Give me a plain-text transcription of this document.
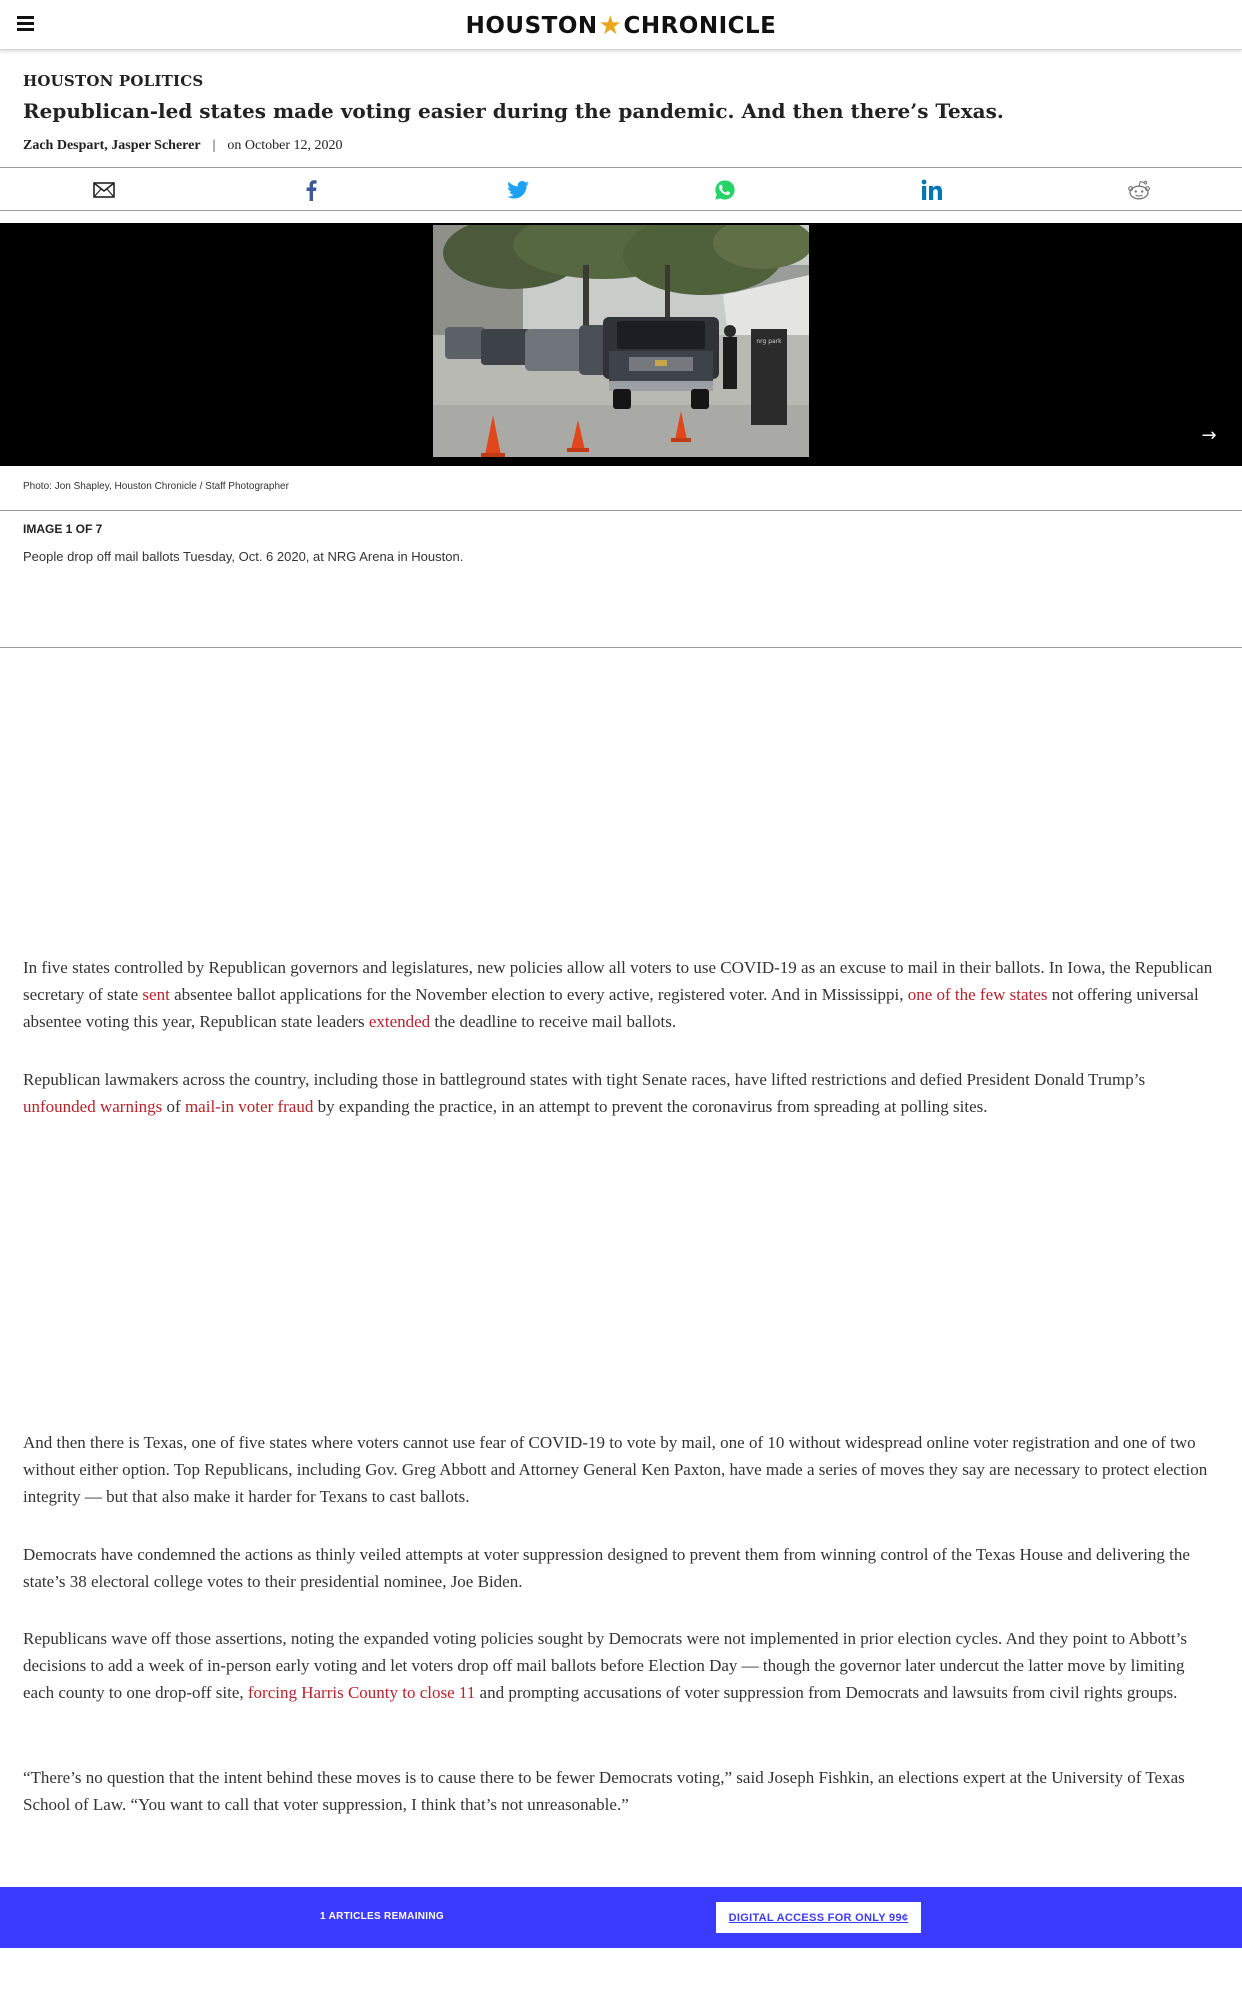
HOUSTON★CHRONICLE
HOUSTON POLITICS
Republican-led states made voting easier during the pandemic. And then there’s Texas.
Zach Despart, Jasper Scherer | on October 12, 2020
nrg park
→
Photo: Jon Shapley, Houston Chronicle / Staff Photographer
IMAGE 1 OF 7
People drop off mail ballots Tuesday, Oct. 6 2020, at NRG Arena in Houston.

In five states controlled by Republican governors and legislatures, new policies allow all voters to use COVID-19 as an excuse to mail in their ballots. In Iowa, the Republican secretary of state sent absentee ballot applications for the November election to every active, registered voter. And in Mississippi, one of the few states not offering universal absentee voting this year, Republican state leaders extended the deadline to receive mail ballots.

Republican lawmakers across the country, including those in battleground states with tight Senate races, have lifted restrictions and defied President Donald Trump’s unfounded warnings of mail-in voter fraud by expanding the practice, in an attempt to prevent the coronavirus from spreading at polling sites.

And then there is Texas, one of five states where voters cannot use fear of COVID-19 to vote by mail, one of 10 without widespread online voter registration and one of two without either option. Top Republicans, including Gov. Greg Abbott and Attorney General Ken Paxton, have made a series of moves they say are necessary to protect election integrity — but that also make it harder for Texans to cast ballots.

Democrats have condemned the actions as thinly veiled attempts at voter suppression designed to prevent them from winning control of the Texas House and delivering the state’s 38 electoral college votes to their presidential nominee, Joe Biden.

Republicans wave off those assertions, noting the expanded voting policies sought by Democrats were not implemented in prior election cycles. And they point to Abbott’s decisions to add a week of in-person early voting and let voters drop off mail ballots before Election Day — though the governor later undercut the latter move by limiting each county to one drop-off site, forcing Harris County to close 11 and prompting accusations of voter suppression from Democrats and lawsuits from civil rights groups.

“There’s no question that the intent behind these moves is to cause there to be fewer Democrats voting,” said Joseph Fishkin, an elections expert at the University of Texas School of Law. “You want to call that voter suppression, I think that’s not unreasonable.”

1 ARTICLES REMAINING	DIGITAL ACCESS FOR ONLY 99¢
